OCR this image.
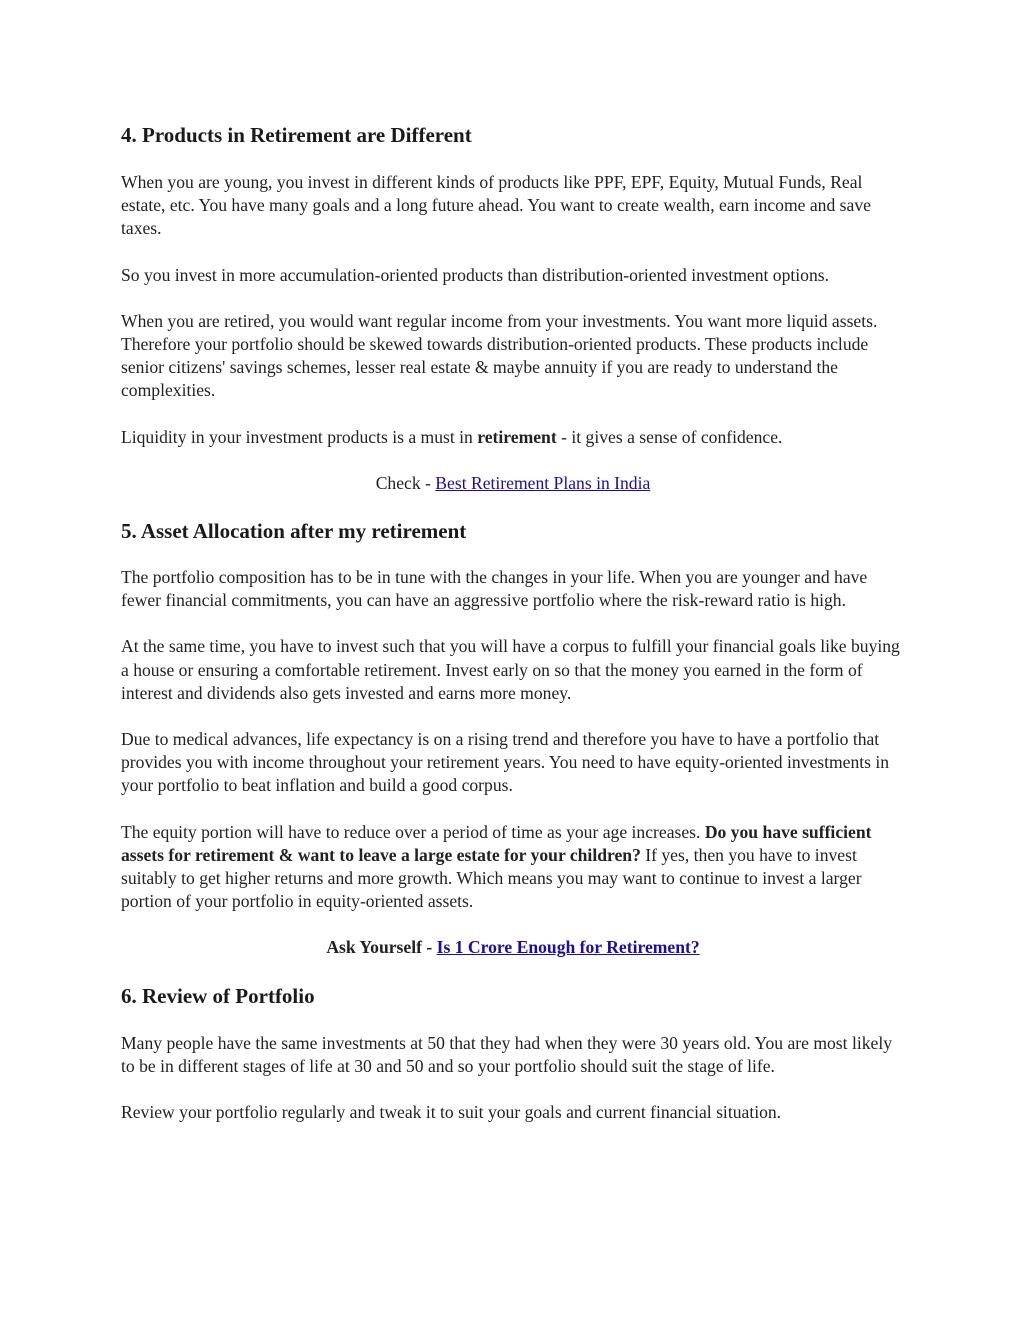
4. Products in Retirement are Different

When you are young, you invest in different kinds of products like PPF, EPF, Equity, Mutual Funds, Real estate, etc. You have many goals and a long future ahead. You want to create wealth, earn income and save taxes.

So you invest in more accumulation-oriented products than distribution-oriented investment options.

When you are retired, you would want regular income from your investments. You want more liquid assets. Therefore your portfolio should be skewed towards distribution-oriented products. These products include senior citizens' savings schemes, lesser real estate & maybe annuity if you are ready to understand the complexities.

Liquidity in your investment products is a must in retirement - it gives a sense of confidence.

Check - Best Retirement Plans in India

5. Asset Allocation after my retirement

The portfolio composition has to be in tune with the changes in your life. When you are younger and have fewer financial commitments, you can have an aggressive portfolio where the risk-reward ratio is high.

At the same time, you have to invest such that you will have a corpus to fulfill your financial goals like buying a house or ensuring a comfortable retirement. Invest early on so that the money you earned in the form of interest and dividends also gets invested and earns more money.

Due to medical advances, life expectancy is on a rising trend and therefore you have to have a portfolio that provides you with income throughout your retirement years. You need to have equity-oriented investments in your portfolio to beat inflation and build a good corpus.

The equity portion will have to reduce over a period of time as your age increases. Do you have sufficient assets for retirement & want to leave a large estate for your children? If yes, then you have to invest suitably to get higher returns and more growth. Which means you may want to continue to invest a larger portion of your portfolio in equity-oriented assets.

Ask Yourself - Is 1 Crore Enough for Retirement?

6. Review of Portfolio

Many people have the same investments at 50 that they had when they were 30 years old. You are most likely to be in different stages of life at 30 and 50 and so your portfolio should suit the stage of life.

Review your portfolio regularly and tweak it to suit your goals and current financial situation.
